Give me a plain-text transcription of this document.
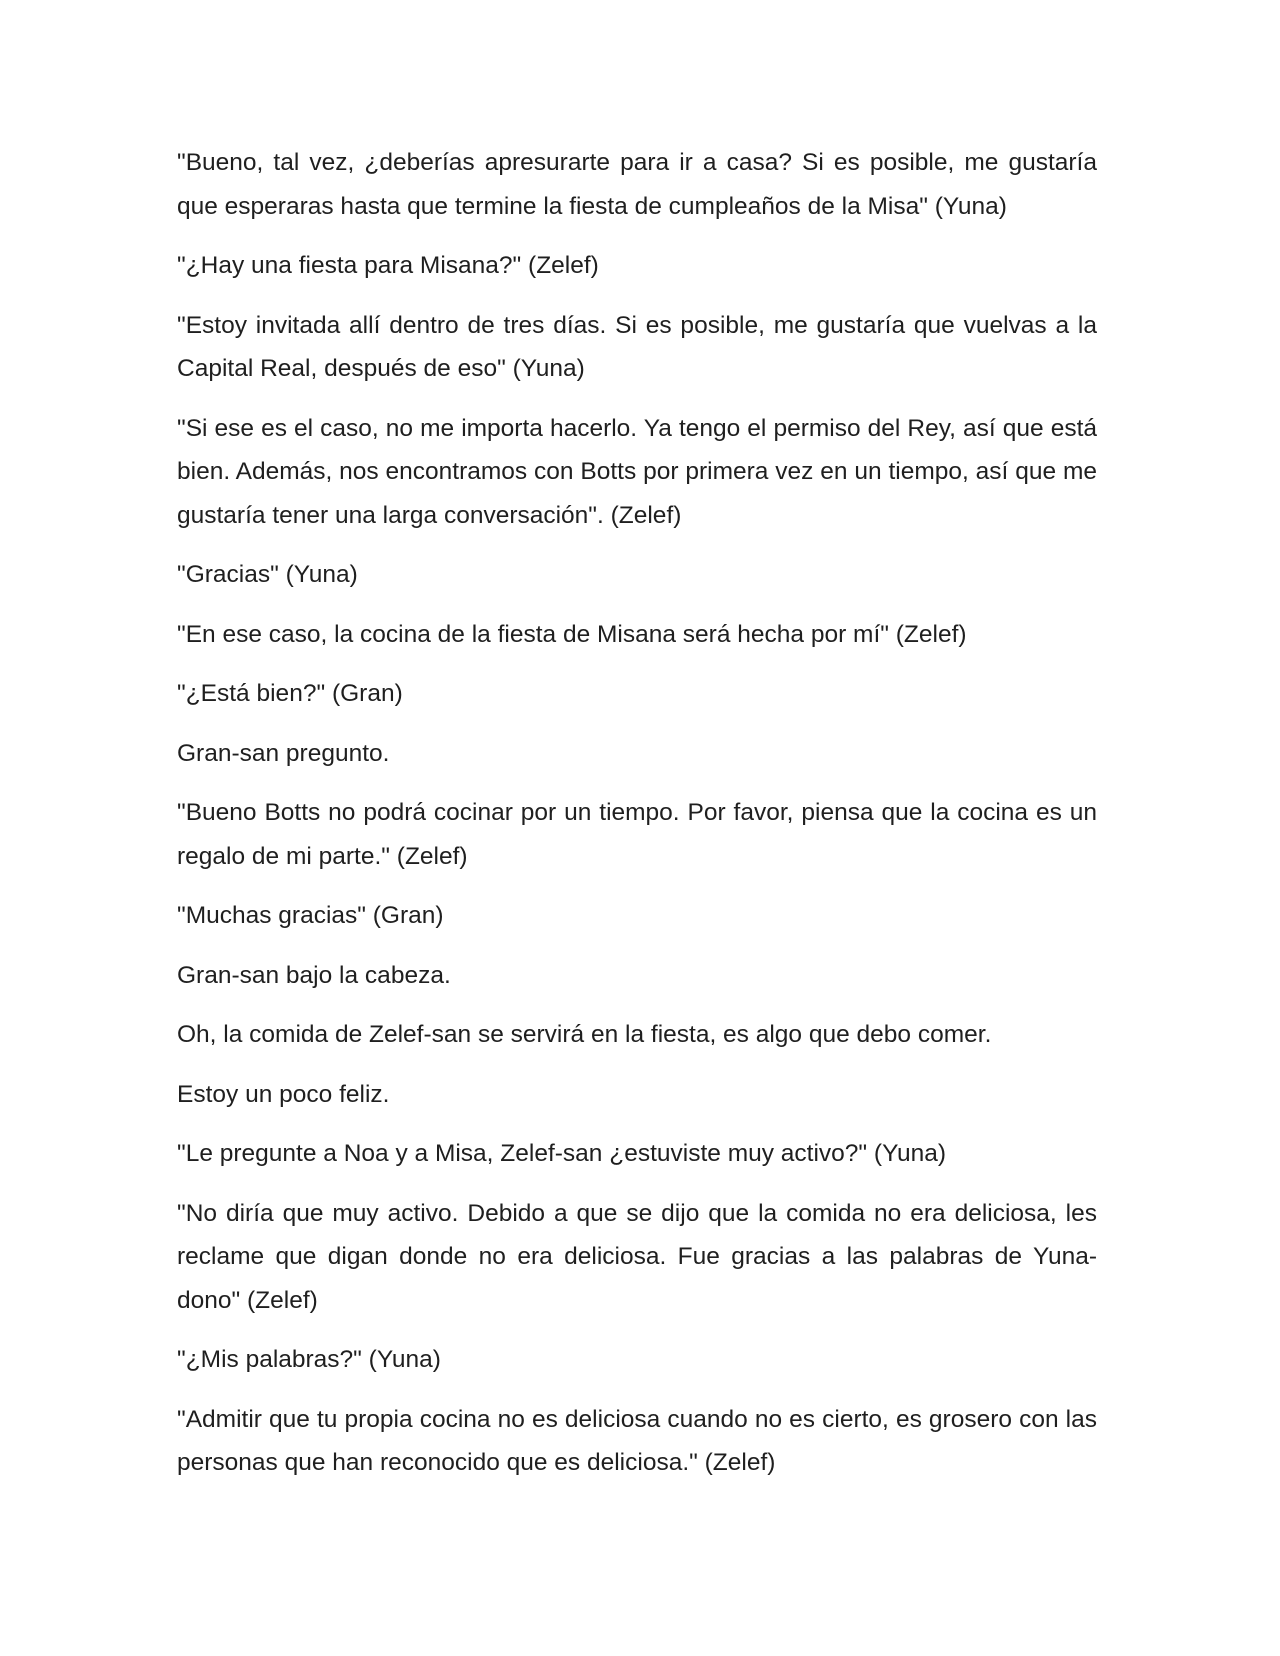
"Bueno, tal vez, ¿deberías apresurarte para ir a casa? Si es posible, me gustaría que esperaras hasta que termine la fiesta de cumpleaños de la Misa" (Yuna)

"¿Hay una fiesta para Misana?" (Zelef)

"Estoy invitada allí dentro de tres días. Si es posible, me gustaría que vuelvas a la Capital Real, después de eso" (Yuna)

"Si ese es el caso, no me importa hacerlo. Ya tengo el permiso del Rey, así que está bien. Además, nos encontramos con Botts por primera vez en un tiempo, así que me gustaría tener una larga conversación". (Zelef)

"Gracias" (Yuna)

"En ese caso, la cocina de la fiesta de Misana será hecha por mí" (Zelef)

"¿Está bien?" (Gran)

Gran-san pregunto.

"Bueno Botts no podrá cocinar por un tiempo. Por favor, piensa que la cocina es un regalo de mi parte." (Zelef)

"Muchas gracias" (Gran)

Gran-san bajo la cabeza.

Oh, la comida de Zelef-san se servirá en la fiesta, es algo que debo comer.

Estoy un poco feliz.

"Le pregunte a Noa y a Misa, Zelef-san ¿estuviste muy activo?" (Yuna)

"No diría que muy activo. Debido a que se dijo que la comida no era deliciosa, les reclame que digan donde no era deliciosa. Fue gracias a las palabras de Yuna-dono" (Zelef)

"¿Mis palabras?" (Yuna)

"Admitir que tu propia cocina no es deliciosa cuando no es cierto, es grosero con las personas que han reconocido que es deliciosa." (Zelef)
